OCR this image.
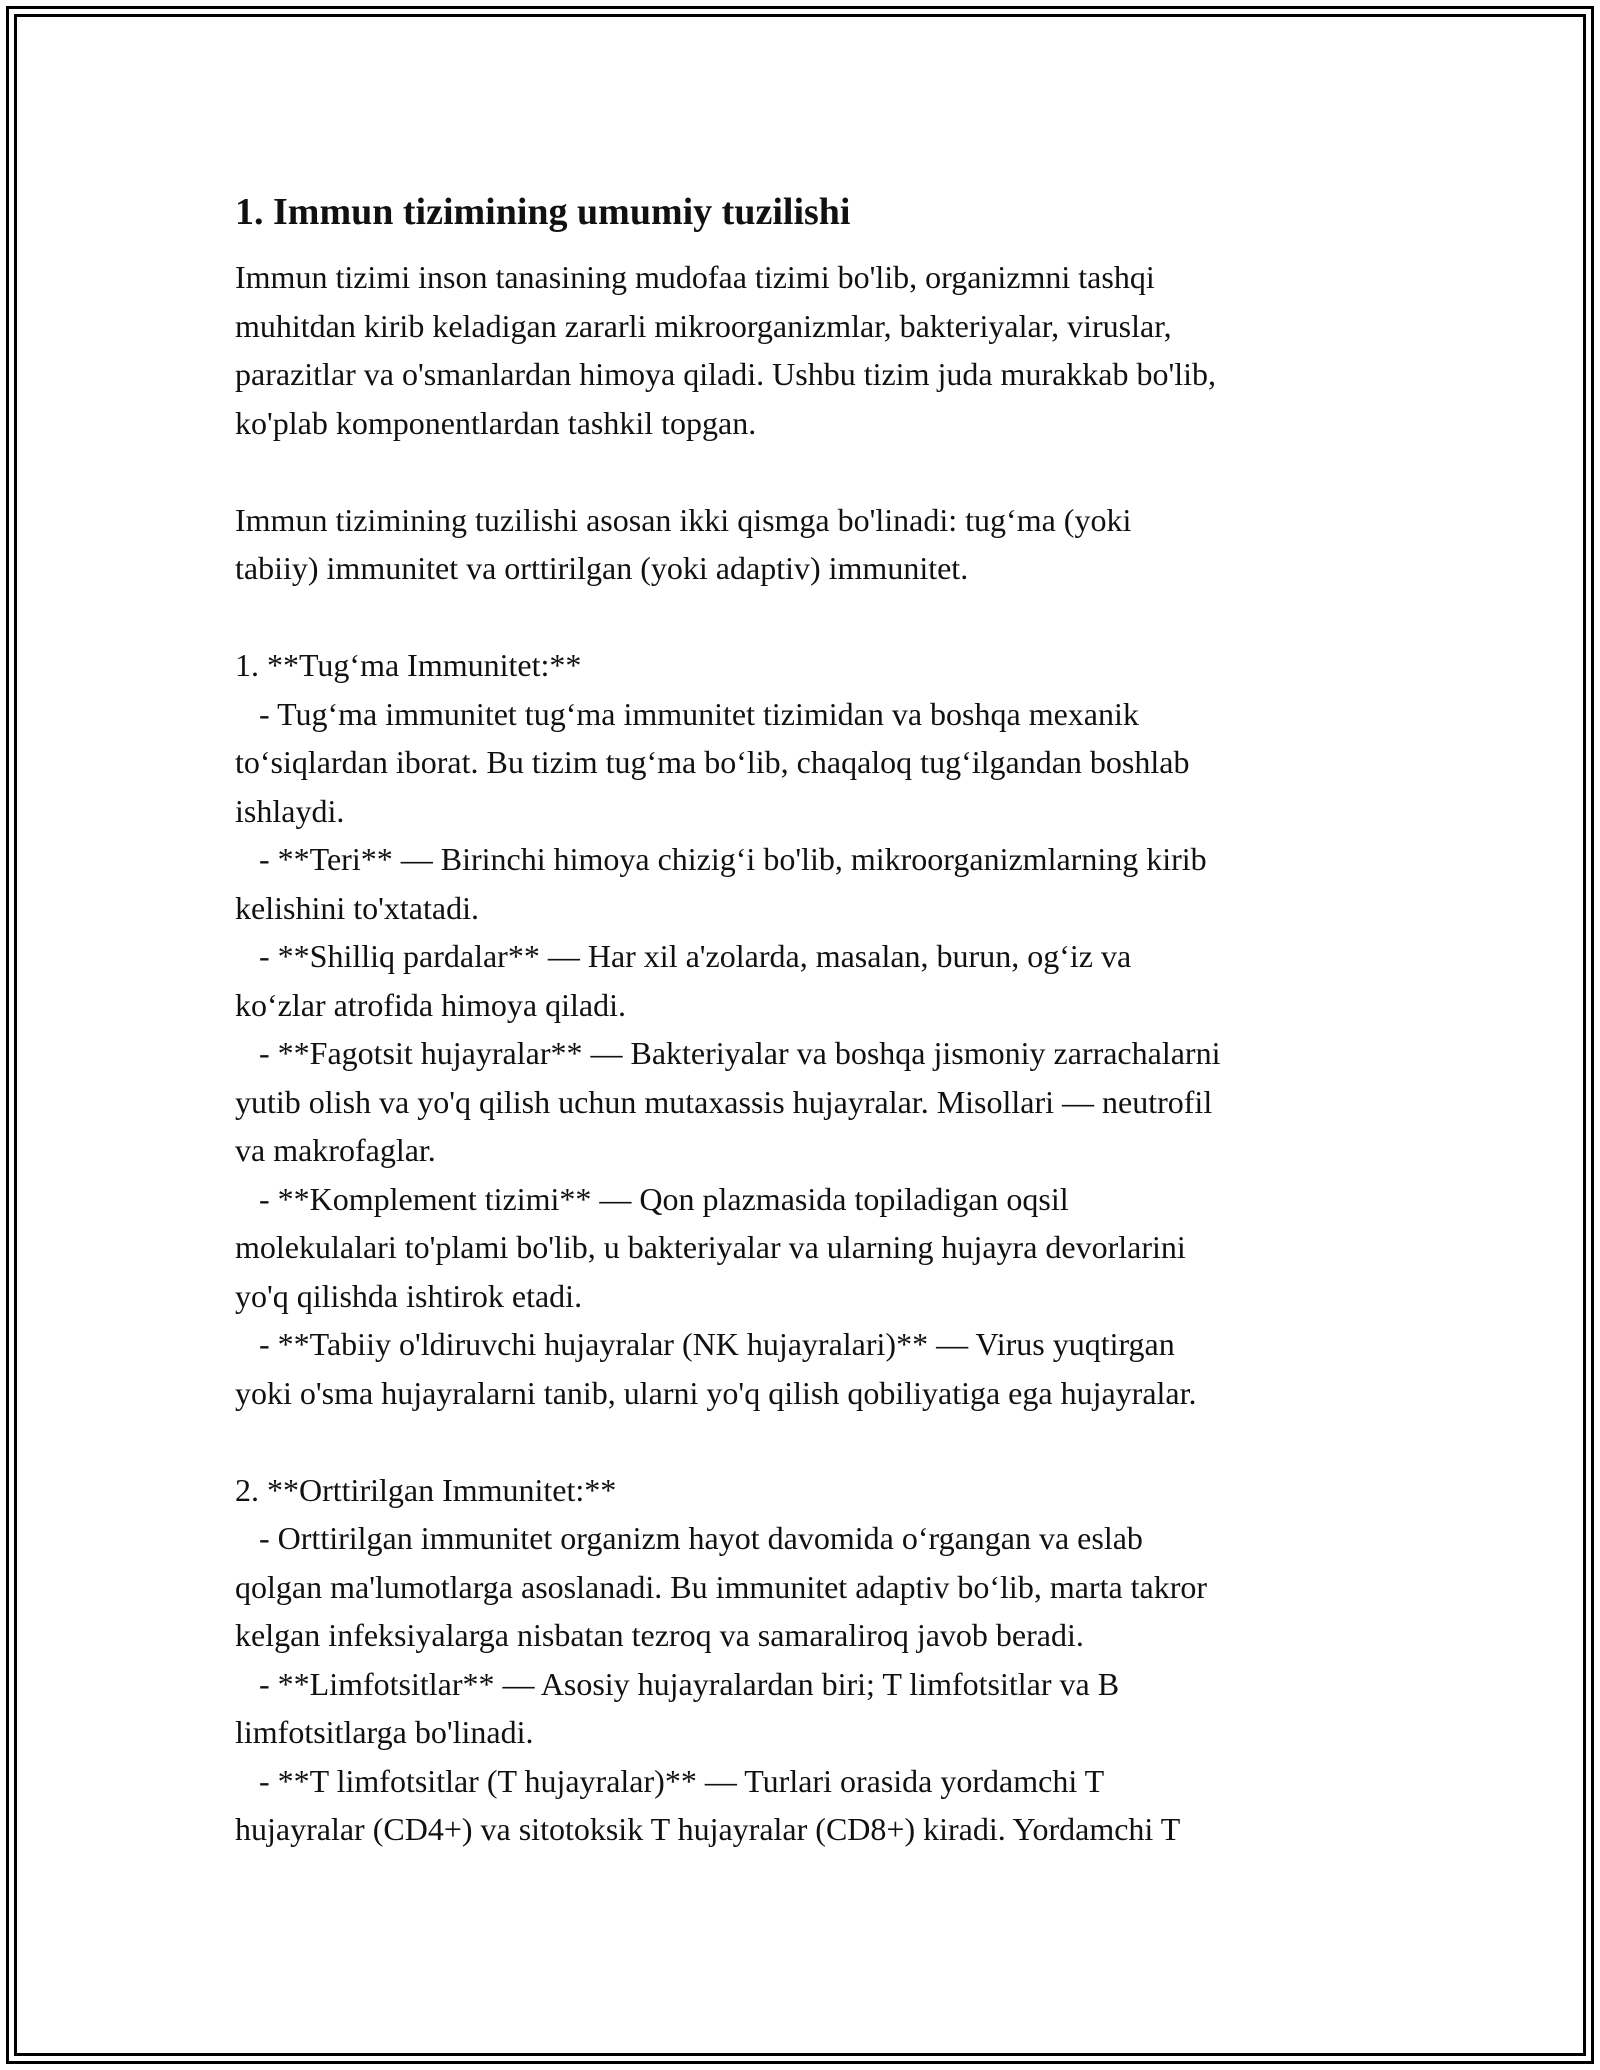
1. Immun tizimining umumiy tuzilishi
Immun tizimi inson tanasining mudofaa tizimi bo'lib, organizmni tashqi
muhitdan kirib keladigan zararli mikroorganizmlar, bakteriyalar, viruslar,
parazitlar va o'smanlardan himoya qiladi. Ushbu tizim juda murakkab bo'lib,
ko'plab komponentlardan tashkil topgan.
Immun tizimining tuzilishi asosan ikki qismga bo'linadi: tug‘ma (yoki
tabiiy) immunitet va orttirilgan (yoki adaptiv) immunitet.
1. **Tug‘ma Immunitet:**
- Tug‘ma immunitet tug‘ma immunitet tizimidan va boshqa mexanik
to‘siqlardan iborat. Bu tizim tug‘ma bo‘lib, chaqaloq tug‘ilgandan boshlab
ishlaydi.
- **Teri** — Birinchi himoya chizig‘i bo'lib, mikroorganizmlarning kirib
kelishini to'xtatadi.
- **Shilliq pardalar** — Har xil a'zolarda, masalan, burun, og‘iz va
ko‘zlar atrofida himoya qiladi.
- **Fagotsit hujayralar** — Bakteriyalar va boshqa jismoniy zarrachalarni
yutib olish va yo'q qilish uchun mutaxassis hujayralar. Misollari — neutrofil
va makrofaglar.
- **Komplement tizimi** — Qon plazmasida topiladigan oqsil
molekulalari to'plami bo'lib, u bakteriyalar va ularning hujayra devorlarini
yo'q qilishda ishtirok etadi.
- **Tabiiy o'ldiruvchi hujayralar (NK hujayralari)** — Virus yuqtirgan
yoki o'sma hujayralarni tanib, ularni yo'q qilish qobiliyatiga ega hujayralar.
2. **Orttirilgan Immunitet:**
- Orttirilgan immunitet organizm hayot davomida o‘rgangan va eslab
qolgan ma'lumotlarga asoslanadi. Bu immunitet adaptiv bo‘lib, marta takror
kelgan infeksiyalarga nisbatan tezroq va samaraliroq javob beradi.
- **Limfotsitlar** — Asosiy hujayralardan biri; T limfotsitlar va B
limfotsitlarga bo'linadi.
- **T limfotsitlar (T hujayralar)** — Turlari orasida yordamchi T
hujayralar (CD4+) va sitotoksik T hujayralar (CD8+) kiradi. Yordamchi T
